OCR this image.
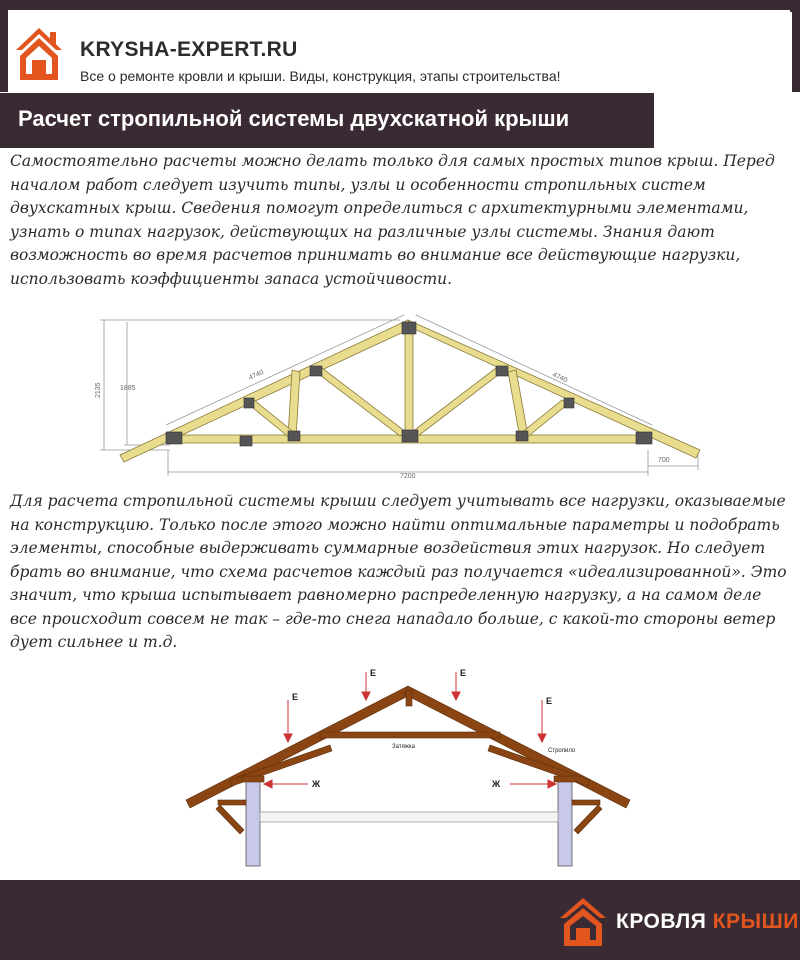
KRYSHA-EXPERT.RU
Все о ремонте кровли и крыши. Виды, конструкция, этапы строительства!
Расчет стропильной системы двухскатной крыши

Самостоятельно расчеты можно делать только для самых простых типов крыш. Перед началом работ следует изучить типы, узлы и особенности стропильных систем двухскатных крыш. Сведения помогут определиться с архитектурными элементами, узнать о типах нагрузок, действующих на различные узлы системы. Знания дают возможность во время расчетов принимать во внимание все действующие нагрузки, использовать коэффициенты запаса устойчивости.

2135	1885
4740	4740
7200
700

Для расчета стропильной системы крыши следует учитывать все нагрузки, оказываемые на конструкцию. Только после этого можно найти оптимальные параметры и подобрать элементы, способные выдерживать суммарные воздействия этих нагрузок. Но следует брать во внимание, что схема расчетов каждый раз получается «идеализированной». Это значит, что крыша испытывает равномерно распределенную нагрузку, а на самом деле все происходит совсем не так – где-то снега нападало больше, с какой-то стороны ветер дует сильнее и т.д.

Е
Е	Е
Е
Ж	Ж
Затяжка
Стропило
КРОВЛЯ КРЫШИ
